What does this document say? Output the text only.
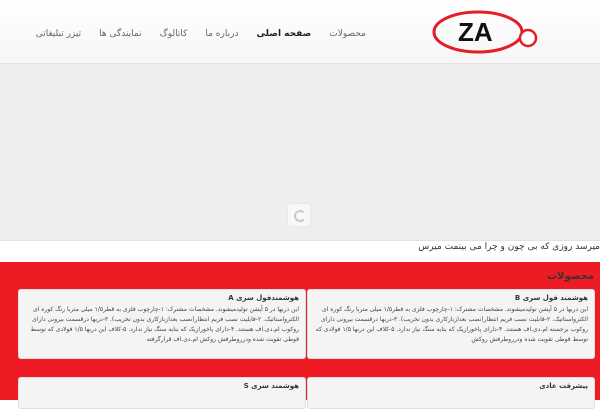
ZA
محصولات
صفحه اصلی
درباره ما
کاتالوگ
نمایندگی ها
تیزر تبلیغاتی
میرسد روزی که بی چون و چرا می بینمت میرس
محصولات
هوشمند فول سری B
این دربها در ۵ آپشن تولیدمیشوند. مشخصات مشترک: ۱-چارچوب فلزی به قطر۱/۵ میلی متربا رنگ کوره ای الکترواستاتیک. ۲-قابلیت نصب فریم انتظار(نصب بعدازبازکاری بدون تخریب). ۳-دربها درقسمت بیرونی دارای روکوب برجسته ام.دی.اف هستند. ۴-دارای پاخورازیک که بنایه سنگ نیاز ندارد. ۵-کلاف این دربها ۱/۵ فولادی که توسط قوطی تقویت شده ودرروطرفش روکش
هوشمندفول سری A
این دربها در ۵ آپشن تولیدمیشوند. مشخصات مشترک: ۱-چارچوب فلزی به قطر۱/۵ میلی متربا رنگ کوره ای الکترواستاتیک. ۲-قابلیت نصب فریم انتظار(نصب بعدازبازکاری بدون تخریب). ۳-دربها درقسمت بیرونی دارای روکوب ام.دی.اف هستند. ۴-دارای پاخورازیک که بنایه سنگ نیاز ندارد. ۵-کلاف این دربها ۱/۵ فولادی که توسط قوطی تقویت شده ودرروطرفش روکش ام.دی.اف قرارگرفته
پیشرفت عادی
هوشمند سری S
